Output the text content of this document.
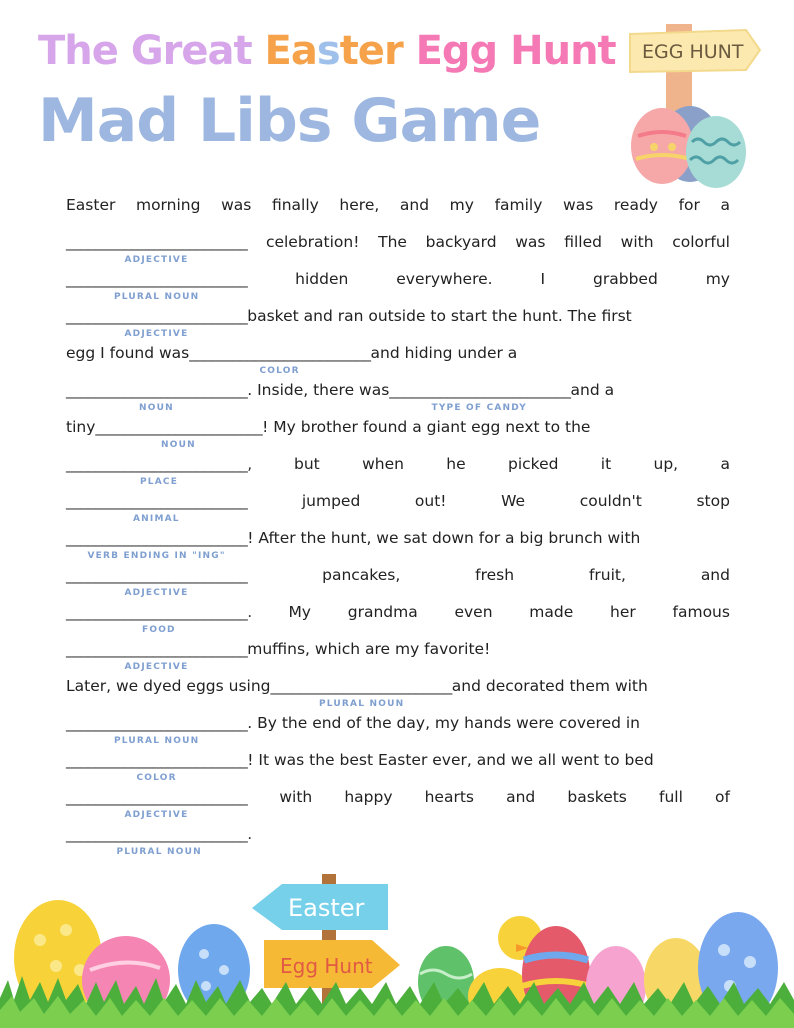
The Great Easter Egg Hunt
Mad Libs Game
EGG HUNT
Easter morning was finally here, and my family was ready for a
_________________________ celebration! The backyard was filled with colorful
ADJECTIVE
_________________________	hidden	everywhere.	I	grabbed	my
PLURAL NOUN
_________________________basket and ran outside to start the hunt. The first
ADJECTIVE
egg I found was_________________________and hiding under a
COLOR
_________________________. Inside, there was_________________________and a
NOUN	TYPE OF CANDY
tiny_______________________! My brother found a giant egg next to the
NOUN
_________________________,	but	when	he	picked	it	up,	a
PLACE
_________________________	jumped	out!	We	couldn't	stop
ANIMAL
_________________________! After the hunt, we sat down for a big brunch with
VERB ENDING IN "ING"
_________________________	pancakes,	fresh	fruit,	and
ADJECTIVE
_________________________. My grandma even made her famous
FOOD
_________________________muffins, which are my favorite!
ADJECTIVE
Later, we dyed eggs using_________________________and decorated them with
PLURAL NOUN
_________________________. By the end of the day, my hands were covered in
PLURAL NOUN
_________________________! It was the best Easter ever, and we all went to bed
COLOR
_________________________ with happy hearts and baskets full of
ADJECTIVE
_________________________.
PLURAL NOUN
Easter
Egg Hunt
